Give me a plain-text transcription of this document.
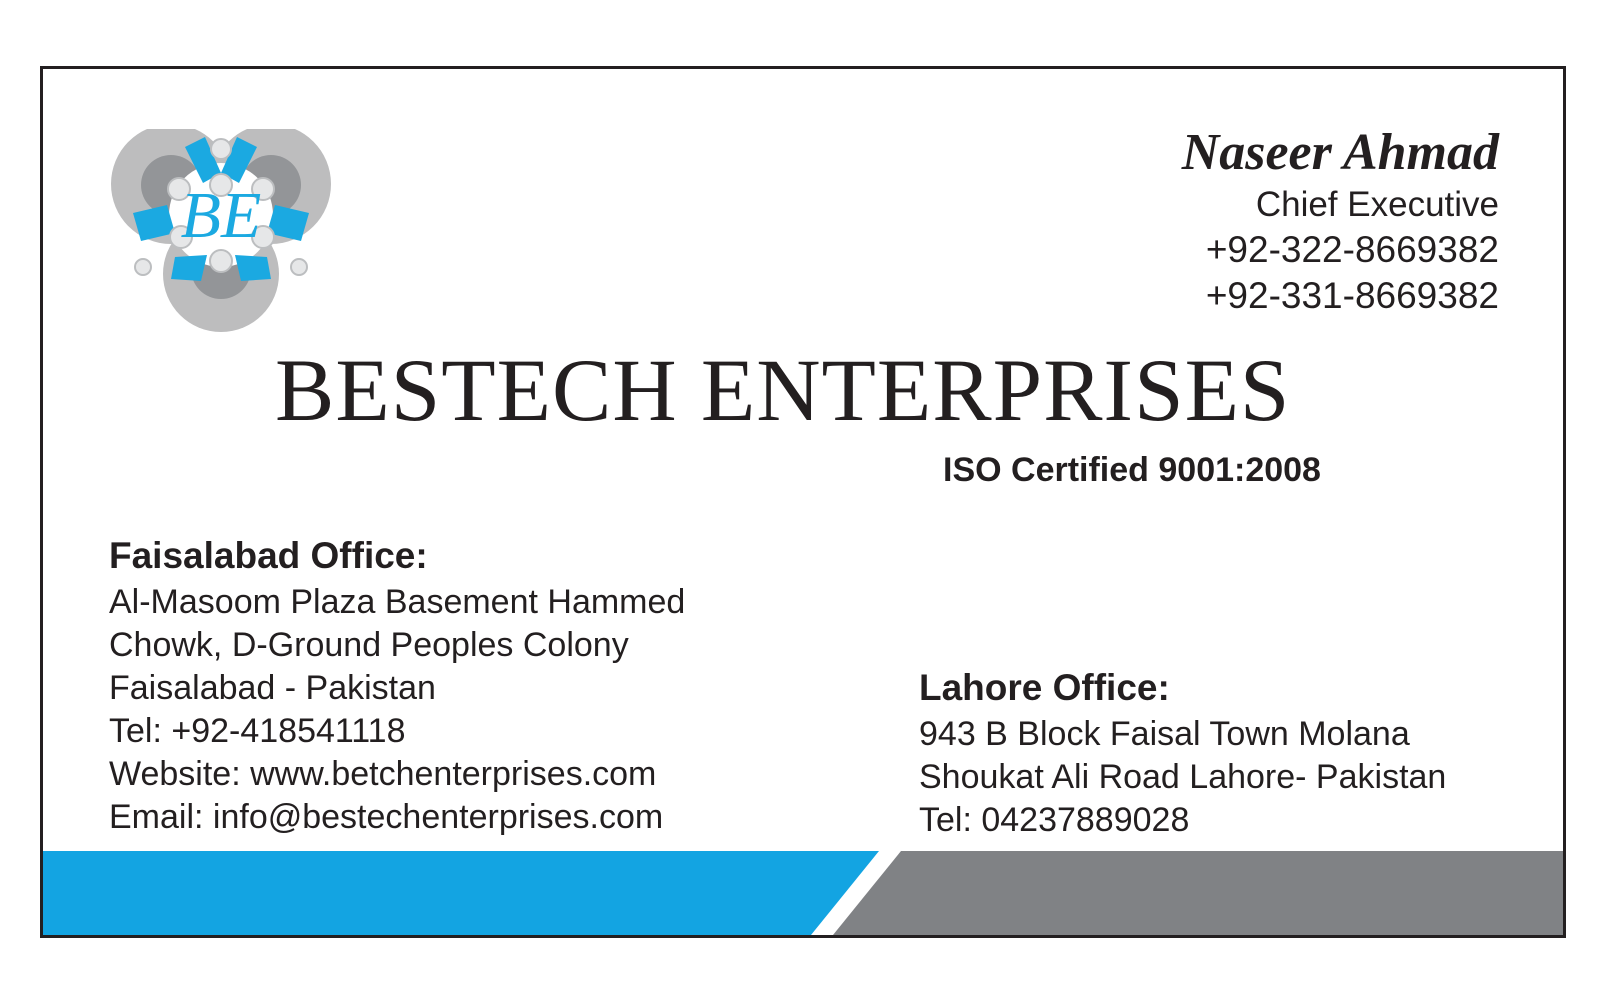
BE
Naseer Ahmad
Chief Executive
+92-322-8669382
+92-331-8669382
BESTECH ENTERPRISES
ISO Certified 9001:2008
Faisalabad Office:
Al-Masoom Plaza Basement Hammed
Chowk, D-Ground Peoples Colony
Faisalabad - Pakistan
Tel: +92-418541118
Website: www.betchenterprises.com
Email: info@bestechenterprises.com
Lahore Office:
943 B Block Faisal Town Molana
Shoukat Ali Road Lahore- Pakistan
Tel: 04237889028
